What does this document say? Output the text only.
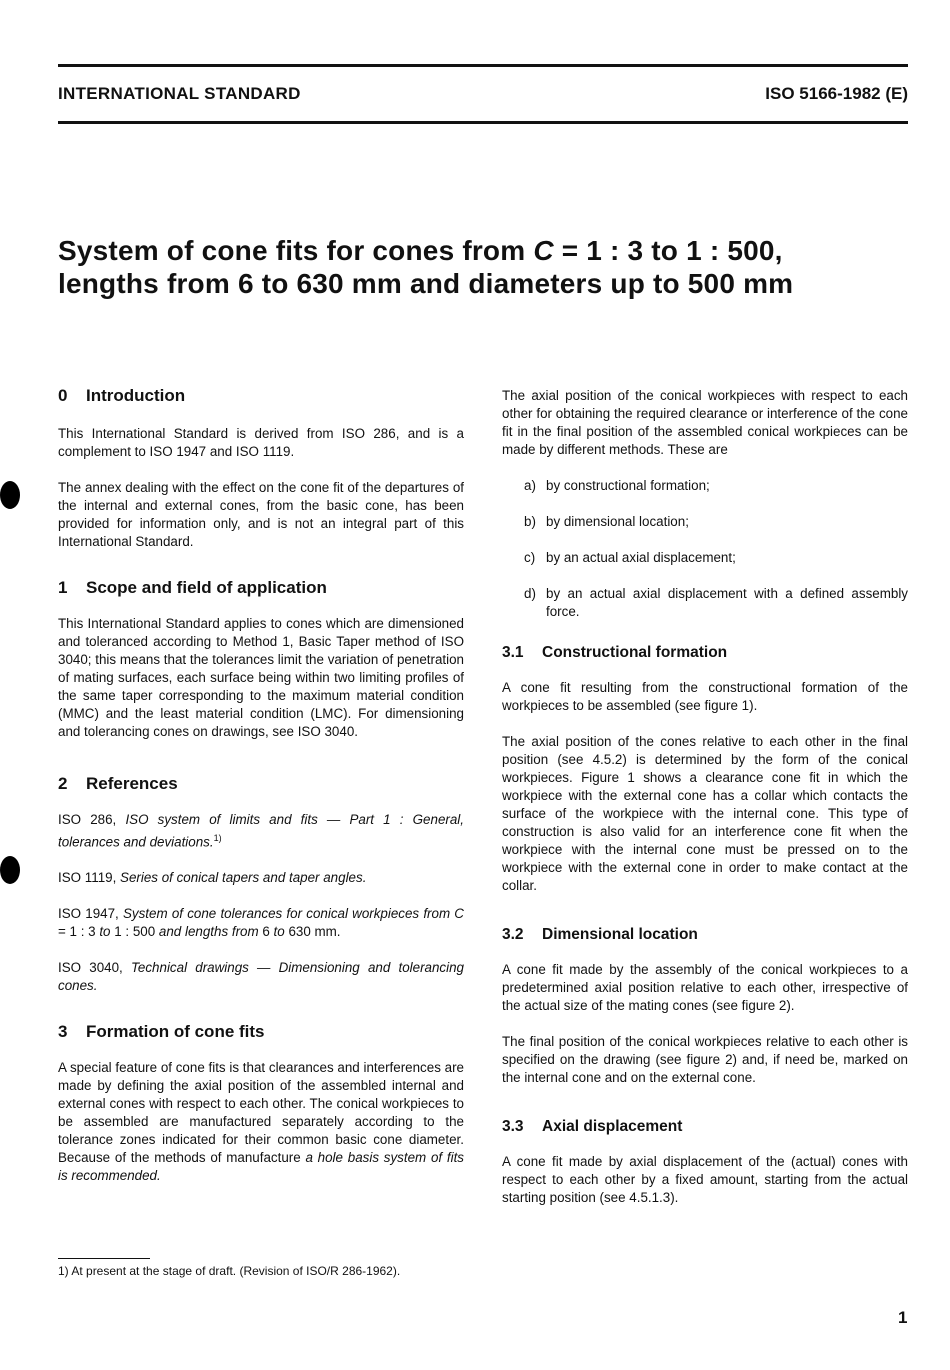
INTERNATIONAL STANDARD	ISO 5166-1982 (E)
System of cone fits for cones from C = 1 : 3 to 1 : 500,
lengths from 6 to 630 mm and diameters up to 500 mm
0 Introduction

This International Standard is derived from ISO 286, and is a complement to ISO 1947 and ISO 1119.

The annex dealing with the effect on the cone fit of the departures of the internal and external cones, from the basic cone, has been provided for information only, and is not an integral part of this International Standard.

1 Scope and field of application

This International Standard applies to cones which are dimensioned and toleranced according to Method 1, Basic Taper method of ISO 3040; this means that the tolerances limit the variation of penetration of mating surfaces, each surface being within two limiting profiles of the same taper corresponding to the maximum material condition (MMC) and the least material condition (LMC). For dimensioning and tolerancing cones on drawings, see ISO 3040.

2 References

ISO 286, ISO system of limits and fits — Part 1 : General, tolerances and deviations.$^{1)}$

ISO 1119, Series of conical tapers and taper angles.

ISO 1947, System of cone tolerances for conical workpieces from C = 1 : 3 to 1 : 500 and lengths from 6 to 630 mm.

ISO 3040, Technical drawings — Dimensioning and tolerancing cones.

3 Formation of cone fits

A special feature of cone fits is that clearances and interferences are made by defining the axial position of the assembled internal and external cones with respect to each other. The conical workpieces to be assembled are manufactured separately according to the tolerance zones indicated for their common basic cone diameter. Because of the methods of manufacture a hole basis system of fits is recommended.

The axial position of the conical workpieces with respect to each other for obtaining the required clearance or interference of the cone fit in the final position of the assembled conical workpieces can be made by different methods. These are

a) by constructional formation;

b) by dimensional location;

c) by an actual axial displacement;

d) by an actual axial displacement with a defined assembly force.

3.1 Constructional formation

A cone fit resulting from the constructional formation of the workpieces to be assembled (see figure 1).

The axial position of the cones relative to each other in the final position (see 4.5.2) is determined by the form of the conical workpieces. Figure 1 shows a clearance cone fit in which the workpiece with the external cone has a collar which contacts the surface of the workpiece with the internal cone. This type of construction is also valid for an interference cone fit when the workpiece with the internal cone must be pressed on to the workpiece with the external cone in order to make contact at the collar.

3.2 Dimensional location

A cone fit made by the assembly of the conical workpieces to a predetermined axial position relative to each other, irrespective of the actual size of the mating cones (see figure 2).

The final position of the conical workpieces relative to each other is specified on the drawing (see figure 2) and, if need be, marked on the internal cone and on the external cone.

3.3 Axial displacement

A cone fit made by axial displacement of the (actual) cones with respect to each other by a fixed amount, starting from the actual starting position (see 4.5.1.3).

1) At present at the stage of draft. (Revision of ISO/R 286-1962).
1
